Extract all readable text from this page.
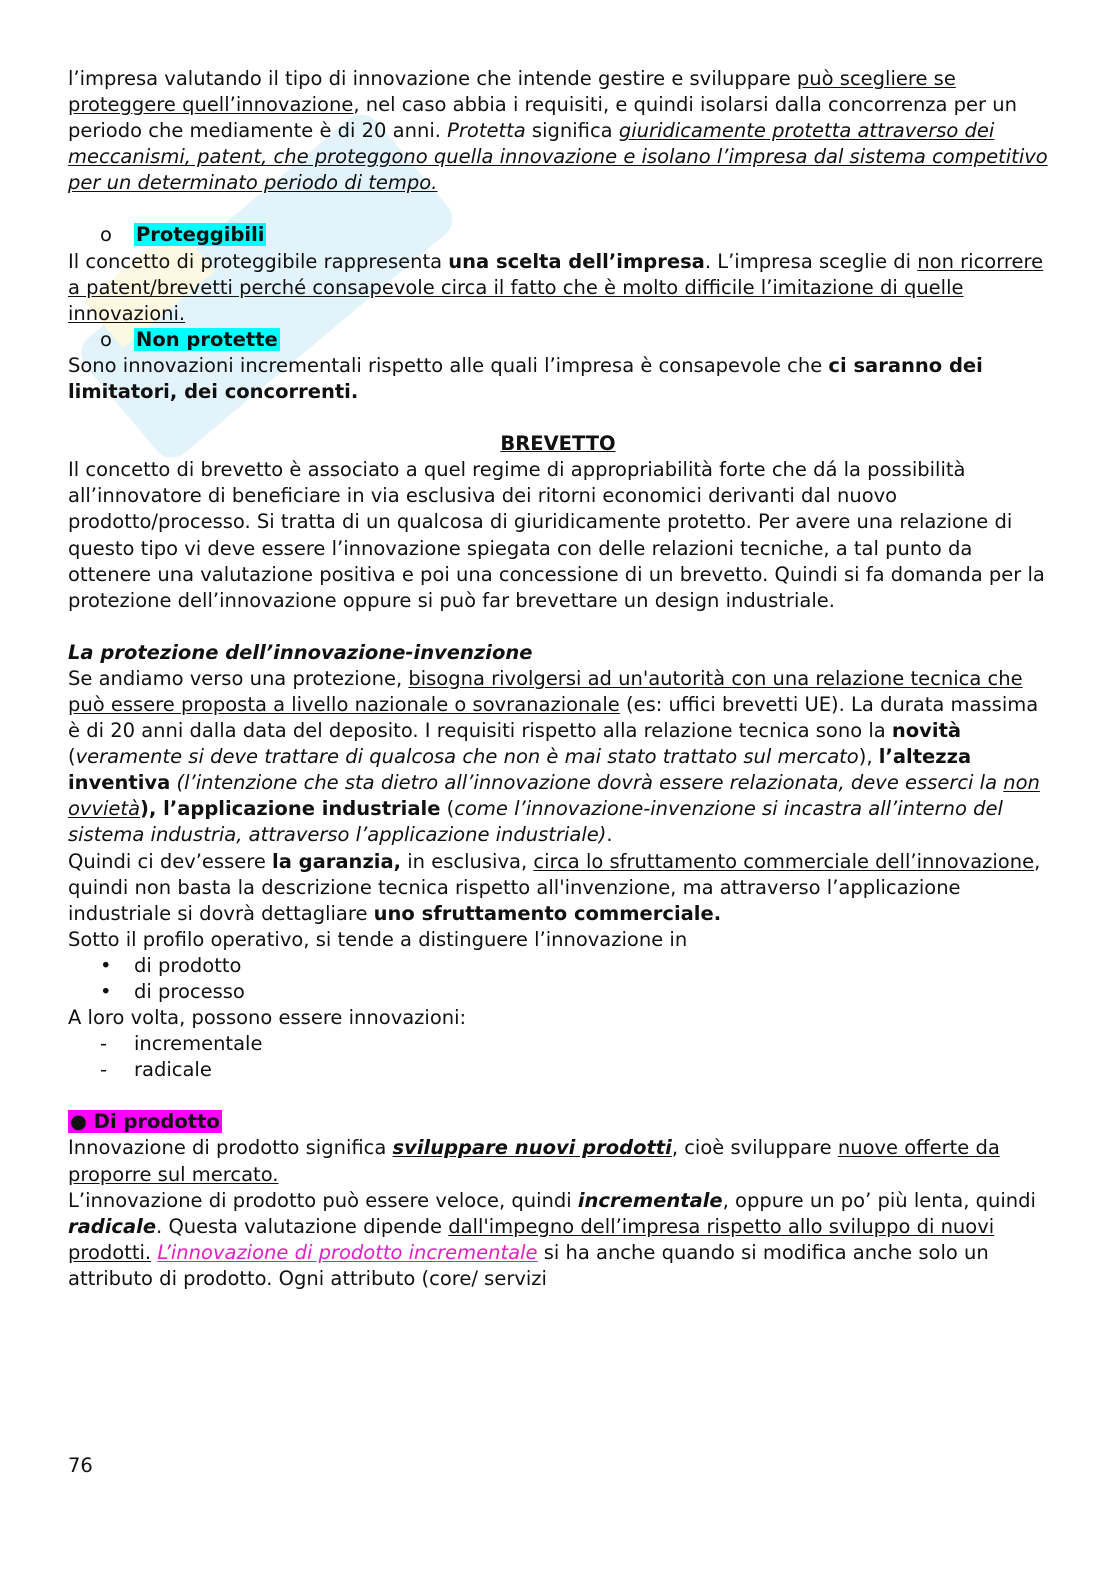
l’impresa valutando il tipo di innovazione che intende gestire e sviluppare può scegliere se proteggere quell’innovazione, nel caso abbia i requisiti, e quindi isolarsi dalla concorrenza per un periodo che mediamente è di 20 anni. Protetta significa giuridicamente protetta attraverso dei meccanismi, patent, che proteggono quella innovazione e isolano l’impresa dal sistema competitivo per un determinato periodo di tempo.

o Proteggibili

Il concetto di proteggibile rappresenta una scelta dell’impresa. L’impresa sceglie di non ricorrere a patent/brevetti perché consapevole circa il fatto che è molto difficile l’imitazione di quelle innovazioni.

o Non protette

Sono innovazioni incrementali rispetto alle quali l’impresa è consapevole che ci saranno dei limitatori, dei concorrenti.

BREVETTO

Il concetto di brevetto è associato a quel regime di appropriabilità forte che dá la possibilità all’innovatore di beneficiare in via esclusiva dei ritorni economici derivanti dal nuovo prodotto/processo. Si tratta di un qualcosa di giuridicamente protetto. Per avere una relazione di questo tipo vi deve essere l’innovazione spiegata con delle relazioni tecniche, a tal punto da ottenere una valutazione positiva e poi una concessione di un brevetto. Quindi si fa domanda per la protezione dell’innovazione oppure si può far brevettare un design industriale.

La protezione dell’innovazione-invenzione

Se andiamo verso una protezione, bisogna rivolgersi ad un'autorità con una relazione tecnica che può essere proposta a livello nazionale o sovranazionale (es: uffici brevetti UE). La durata massima è di 20 anni dalla data del deposito. I requisiti rispetto alla relazione tecnica sono la novità (veramente si deve trattare di qualcosa che non è mai stato trattato sul mercato), l’altezza inventiva (l’intenzione che sta dietro all’innovazione dovrà essere relazionata, deve esserci la non ovvietà), l’applicazione industriale (come l’innovazione-invenzione si incastra all’interno del sistema industria, attraverso l’applicazione industriale).

Quindi ci dev’essere la garanzia, in esclusiva, circa lo sfruttamento commerciale dell’innovazione, quindi non basta la descrizione tecnica rispetto all'invenzione, ma attraverso l’applicazione industriale si dovrà dettagliare uno sfruttamento commerciale.

Sotto il profilo operativo, si tende a distinguere l’innovazione in

• di prodotto
• di processo

A loro volta, possono essere innovazioni:

- incrementale
- radicale

● Di prodotto

Innovazione di prodotto significa sviluppare nuovi prodotti, cioè sviluppare nuove offerte da proporre sul mercato.

L’innovazione di prodotto può essere veloce, quindi incrementale, oppure un po’ più lenta, quindi radicale. Questa valutazione dipende dall'impegno dell’impresa rispetto allo sviluppo di nuovi prodotti. L’innovazione di prodotto incrementale si ha anche quando si modifica anche solo un attributo di prodotto. Ogni attributo (core/ servizi

76
